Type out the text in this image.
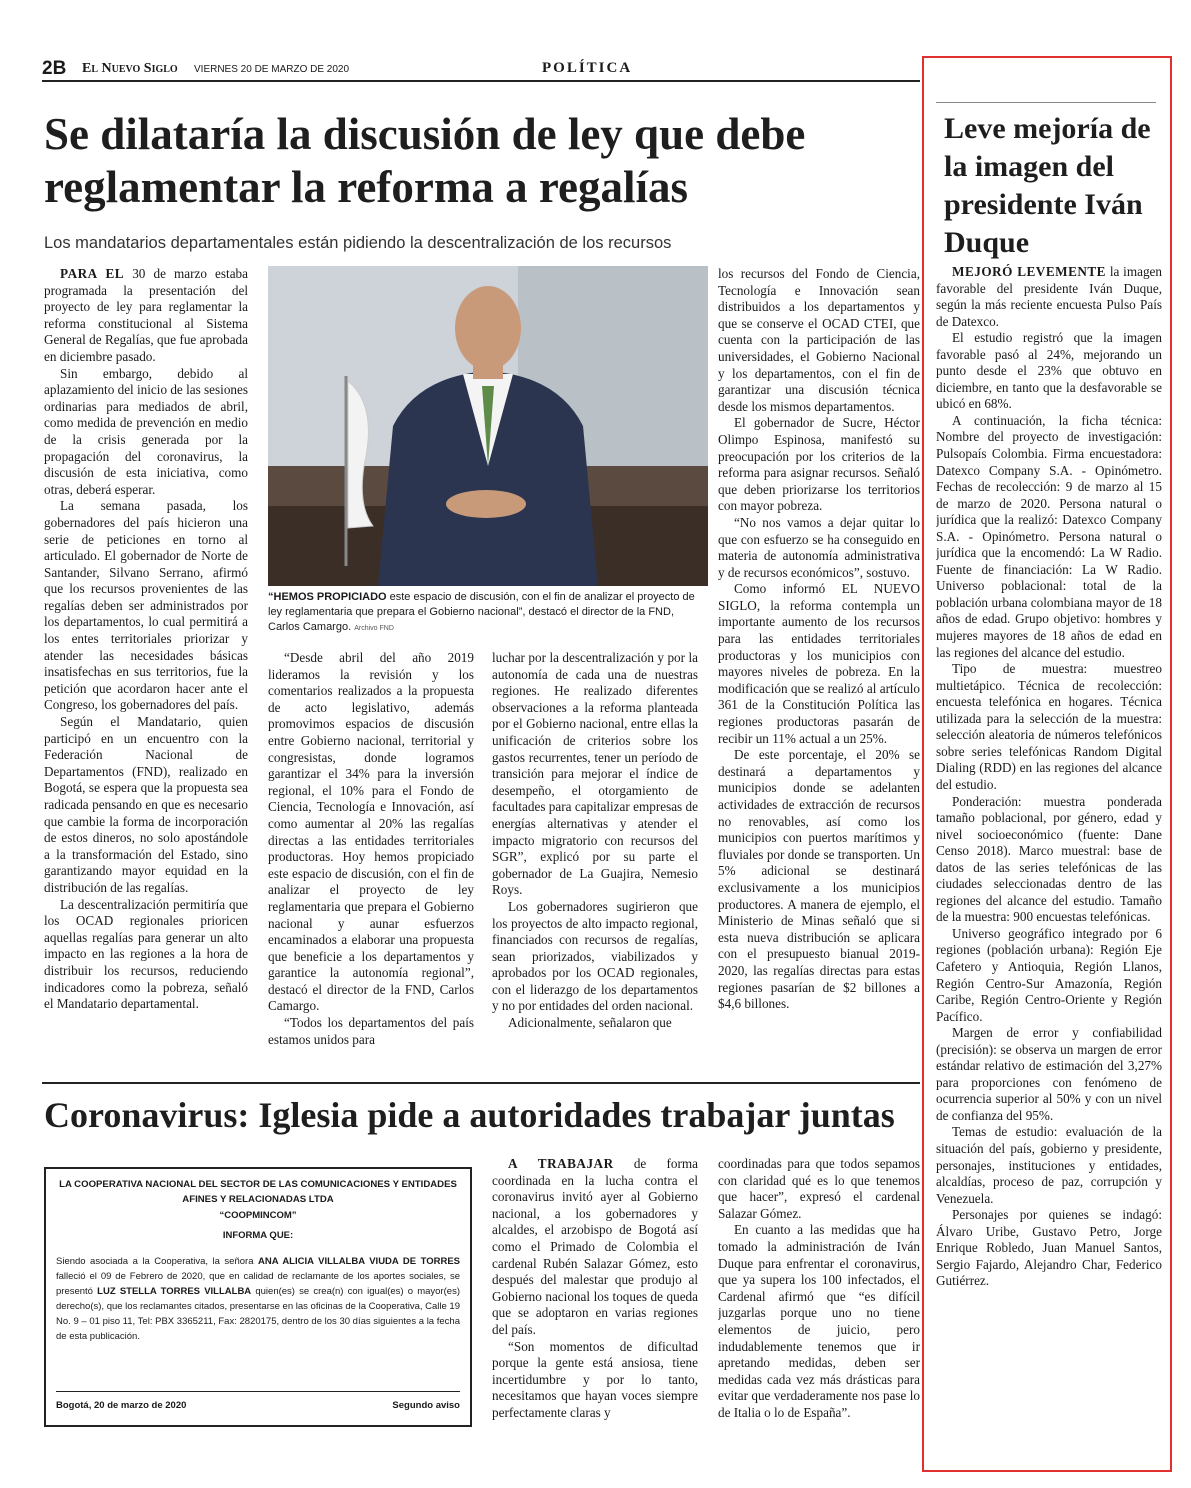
2B El Nuevo Siglo VIERNES 20 DE MARZO DE 2020	POLÍTICA
Se dilataría la discusión de ley que debe reglamentar la reforma a regalías
Los mandatarios departamentales están pidiendo la descentralización de los recursos

PARA EL 30 de marzo estaba programada la presentación del proyecto de ley para reglamentar la reforma constitucional al Sistema General de Regalías, que fue aprobada en diciembre pasado.

Sin embargo, debido al aplazamiento del inicio de las sesiones ordinarias para mediados de abril, como medida de prevención en medio de la crisis generada por la propagación del coronavirus, la discusión de esta iniciativa, como otras, deberá esperar.

La semana pasada, los gobernadores del país hicieron una serie de peticiones en torno al articulado. El gobernador de Norte de Santander, Silvano Serrano, afirmó que los recursos provenientes de las regalías deben ser administrados por los departamentos, lo cual permitirá a los entes territoriales priorizar y atender las necesidades básicas insatisfechas en sus territorios, fue la petición que acordaron hacer ante el Congreso, los gobernadores del país.

Según el Mandatario, quien participó en un encuentro con la Federación Nacional de Departamentos (FND), realizado en Bogotá, se espera que la propuesta sea radicada pensando en que es necesario que cambie la forma de incorporación de estos dineros, no solo apostándole a la transformación del Estado, sino garantizando mayor equidad en la distribución de las regalías.

La descentralización permitiría que los OCAD regionales prioricen aquellas regalías para generar un alto impacto en las regiones a la hora de distribuir los recursos, reduciendo indicadores como la pobreza, señaló el Mandatario departamental.

“HEMOS PROPICIADO este espacio de discusión, con el fin de analizar el proyecto de ley reglamentaria que prepara el Gobierno nacional”, destacó el director de la FND, Carlos Camargo. Archivo FND

“Desde abril del año 2019 lideramos la revisión y los comentarios realizados a la propuesta de acto legislativo, además promovimos espacios de discusión entre Gobierno nacional, territorial y congresistas, donde logramos garantizar el 34% para la inversión regional, el 10% para el Fondo de Ciencia, Tecnología e Innovación, así como aumentar al 20% las regalías directas a las entidades territoriales productoras. Hoy hemos propiciado este espacio de discusión, con el fin de analizar el proyecto de ley reglamentaria que prepara el Gobierno nacional y aunar esfuerzos encaminados a elaborar una propuesta que beneficie a los departamentos y garantice la autonomía regional”, destacó el director de la FND, Carlos Camargo.

“Todos los departamentos del país estamos unidos para

luchar por la descentralización y por la autonomía de cada una de nuestras regiones. He realizado diferentes observaciones a la reforma planteada por el Gobierno nacional, entre ellas la unificación de criterios sobre los gastos recurrentes, tener un período de transición para mejorar el índice de desempeño, el otorgamiento de facultades para capitalizar empresas de energías alternativas y atender el impacto migratorio con recursos del SGR”, explicó por su parte el gobernador de La Guajira, Nemesio Roys.

Los gobernadores sugirieron que los proyectos de alto impacto regional, financiados con recursos de regalías, sean priorizados, viabilizados y aprobados por los OCAD regionales, con el liderazgo de los departamentos y no por entidades del orden nacional.

Adicionalmente, señalaron que

los recursos del Fondo de Ciencia, Tecnología e Innovación sean distribuidos a los departamentos y que se conserve el OCAD CTEI, que cuenta con la participación de las universidades, el Gobierno Nacional y los departamentos, con el fin de garantizar una discusión técnica desde los mismos departamentos.

El gobernador de Sucre, Héctor Olimpo Espinosa, manifestó su preocupación por los criterios de la reforma para asignar recursos. Señaló que deben priorizarse los territorios con mayor pobreza.

“No nos vamos a dejar quitar lo que con esfuerzo se ha conseguido en materia de autonomía administrativa y de recursos económicos”, sostuvo.

Como informó EL NUEVO SIGLO, la reforma contempla un importante aumento de los recursos para las entidades territoriales productoras y los municipios con mayores niveles de pobreza. En la modificación que se realizó al artículo 361 de la Constitución Política las regiones productoras pasarán de recibir un 11% actual a un 25%.

De este porcentaje, el 20% se destinará a departamentos y municipios donde se adelanten actividades de extracción de recursos no renovables, así como los municipios con puertos marítimos y fluviales por donde se transporten. Un 5% adicional se destinará exclusivamente a los municipios productores. A manera de ejemplo, el Ministerio de Minas señaló que si esta nueva distribución se aplicara con el presupuesto bianual 2019-2020, las regalías directas para estas regiones pasarían de $2 billones a $4,6 billones.

Coronavirus: Iglesia pide a autoridades trabajar juntas
LA COOPERATIVA NACIONAL DEL SECTOR DE LAS COMUNICACIONES Y ENTIDADES AFINES Y RELACIONADAS LTDA
“COOPMINCOM”
INFORMA QUE:
Siendo asociada a la Cooperativa, la señora ANA ALICIA VILLALBA VIUDA DE TORRES falleció el 09 de Febrero de 2020, que en calidad de reclamante de los aportes sociales, se presentó LUZ STELLA TORRES VILLALBA quien(es) se crea(n) con igual(es) o mayor(es) derecho(s), que los reclamantes citados, presentarse en las oficinas de la Cooperativa, Calle 19 No. 9 – 01 piso 11, Tel: PBX 3365211, Fax: 2820175, dentro de los 30 días siguientes a la fecha de esta publicación.
Bogotá, 20 de marzo de 2020	Segundo aviso

A TRABAJAR de forma coordinada en la lucha contra el coronavirus invitó ayer al Gobierno nacional, a los gobernadores y alcaldes, el arzobispo de Bogotá así como el Primado de Colombia el cardenal Rubén Salazar Gómez, esto después del malestar que produjo al Gobierno nacional los toques de queda que se adoptaron en varias regiones del país.

“Son momentos de dificultad porque la gente está ansiosa, tiene incertidumbre y por lo tanto, necesitamos que hayan voces siempre perfectamente claras y

coordinadas para que todos sepamos con claridad qué es lo que tenemos que hacer”, expresó el cardenal Salazar Gómez.

En cuanto a las medidas que ha tomado la administración de Iván Duque para enfrentar el coronavirus, que ya supera los 100 infectados, el Cardenal afirmó que “es difícil juzgarlas porque uno no tiene elementos de juicio, pero indudablemente tenemos que ir apretando medidas, deben ser medidas cada vez más drásticas para evitar que verdaderamente nos pase lo de Italia o lo de España”.

Leve mejoría de la imagen del presidente Iván Duque

MEJORÓ LEVEMENTE la imagen favorable del presidente Iván Duque, según la más reciente encuesta Pulso País de Datexco.

El estudio registró que la imagen favorable pasó al 24%, mejorando un punto desde el 23% que obtuvo en diciembre, en tanto que la desfavorable se ubicó en 68%.

A continuación, la ficha técnica: Nombre del proyecto de investigación: Pulsopaís Colombia. Firma encuestadora: Datexco Company S.A. - Opinómetro. Fechas de recolección: 9 de marzo al 15 de marzo de 2020. Persona natural o jurídica que la realizó: Datexco Company S.A. - Opinómetro. Persona natural o jurídica que la encomendó: La W Radio. Fuente de financiación: La W Radio. Universo poblacional: total de la población urbana colombiana mayor de 18 años de edad. Grupo objetivo: hombres y mujeres mayores de 18 años de edad en las regiones del alcance del estudio.

Tipo de muestra: muestreo multietápico. Técnica de recolección: encuesta telefónica en hogares. Técnica utilizada para la selección de la muestra: selección aleatoria de números telefónicos sobre series telefónicas Random Digital Dialing (RDD) en las regiones del alcance del estudio.

Ponderación: muestra ponderada tamaño poblacional, por género, edad y nivel socioeconómico (fuente: Dane Censo 2018). Marco muestral: base de datos de las series telefónicas de las ciudades seleccionadas dentro de las regiones del alcance del estudio. Tamaño de la muestra: 900 encuestas telefónicas.

Universo geográfico integrado por 6 regiones (población urbana): Región Eje Cafetero y Antioquia, Región Llanos, Región Centro-Sur Amazonía, Región Caribe, Región Centro-Oriente y Región Pacífico.

Margen de error y confiabilidad (precisión): se observa un margen de error estándar relativo de estimación del 3,27% para proporciones con fenómeno de ocurrencia superior al 50% y con un nivel de confianza del 95%.

Temas de estudio: evaluación de la situación del país, gobierno y presidente, personajes, instituciones y entidades, alcaldías, proceso de paz, corrupción y Venezuela.

Personajes por quienes se indagó: Álvaro Uribe, Gustavo Petro, Jorge Enrique Robledo, Juan Manuel Santos, Sergio Fajardo, Alejandro Char, Federico Gutiérrez.
